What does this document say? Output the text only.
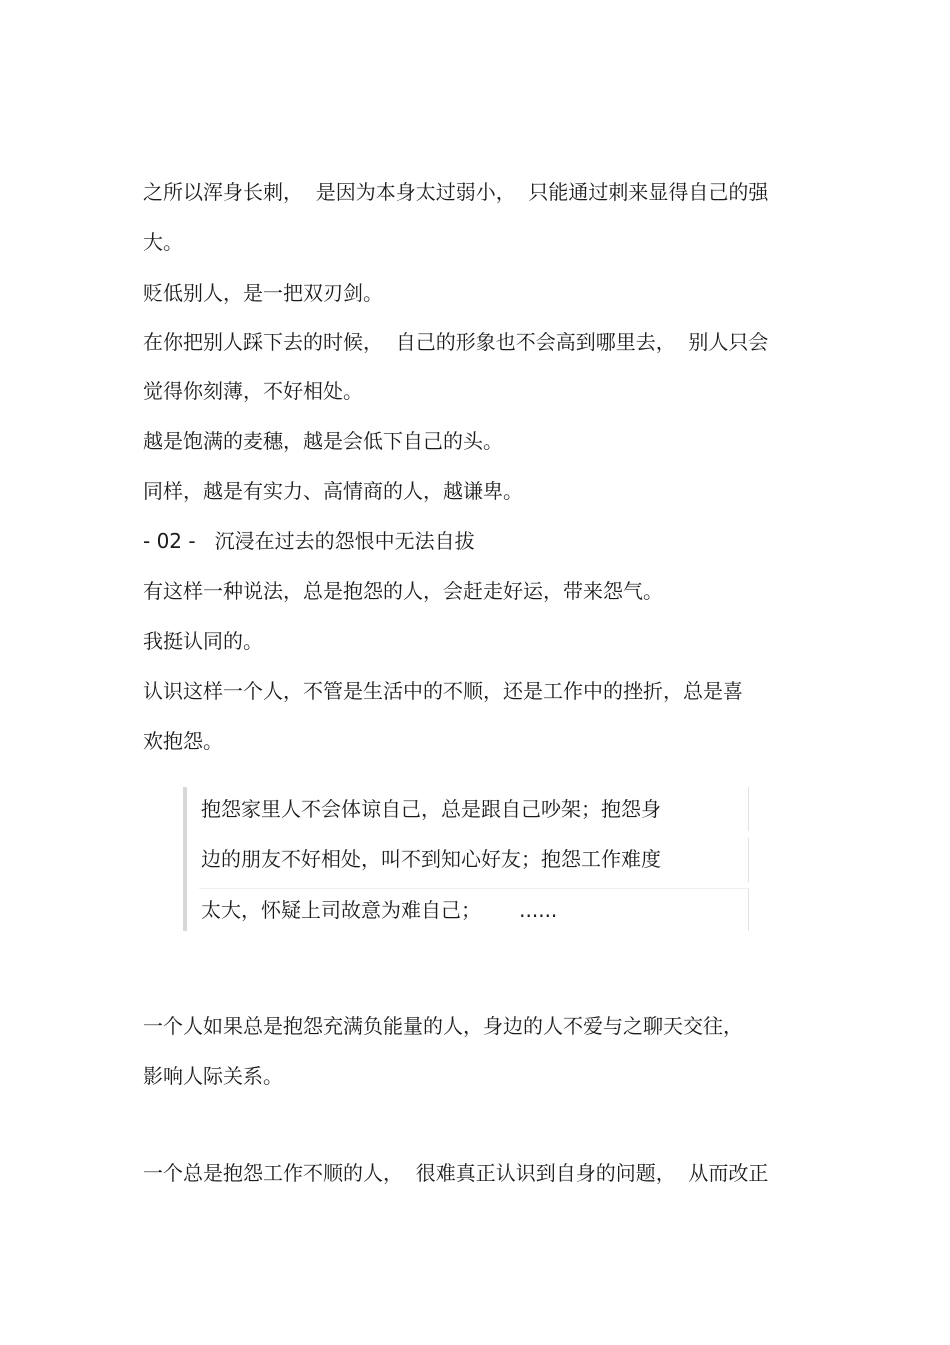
之所以浑身长刺，  是因为本身太过弱小，  只能通过刺来显得自己的强

大。

贬低别人，是一把双刃剑。

在你把别人踩下去的时候，  自己的形象也不会高到哪里去，  别人只会

觉得你刻薄，不好相处。

越是饱满的麦穗，越是会低下自己的头。

同样，越是有实力、高情商的人，越谦卑。

- 02 -   沉浸在过去的怨恨中无法自拔

有这样一种说法，总是抱怨的人，会赶走好运，带来怨气。

我挺认同的。

认识这样一个人，不管是生活中的不顺，还是工作中的挫折，总是喜

欢抱怨。

抱怨家里人不会体谅自己，总是跟自己吵架；抱怨身

边的朋友不好相处，叫不到知心好友；抱怨工作难度

太大，怀疑上司故意为难自己；      ......

一个人如果总是抱怨充满负能量的人，身边的人不爱与之聊天交往，

影响人际关系。

一个总是抱怨工作不顺的人，  很难真正认识到自身的问题，  从而改正
